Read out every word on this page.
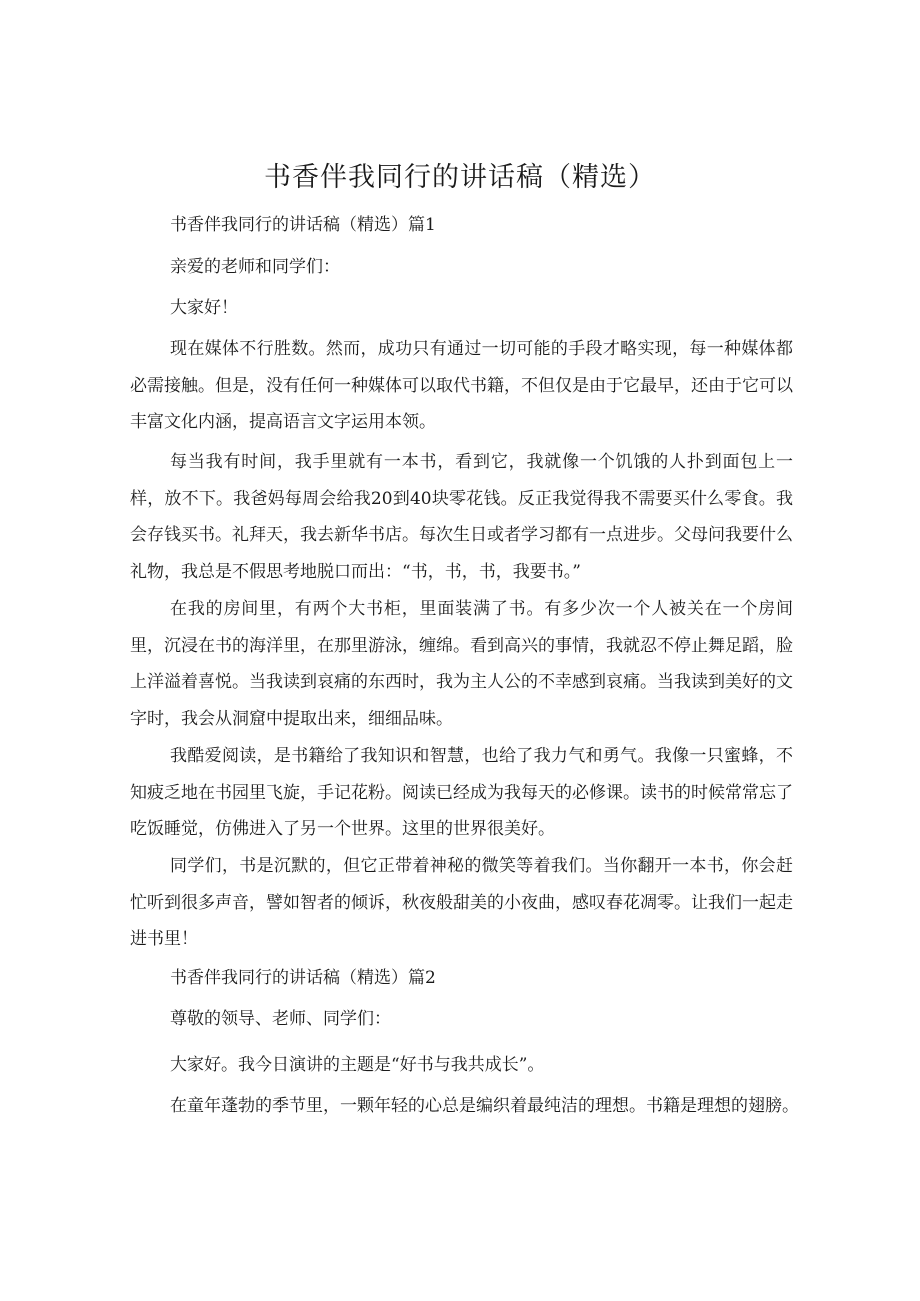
书香伴我同行的讲话稿（精选）
书香伴我同行的讲话稿（精选）篇1
亲爱的老师和同学们：
大家好！

现在媒体不行胜数。然而，成功只有通过一切可能的手段才略实现，每一种媒体都必需接触。但是，没有任何一种媒体可以取代书籍，不但仅是由于它最早，还由于它可以丰富文化内涵，提高语言文字运用本领。

每当我有时间，我手里就有一本书，看到它，我就像一个饥饿的人扑到面包上一样，放不下。我爸妈每周会给我20到40块零花钱。反正我觉得我不需要买什么零食。我会存钱买书。礼拜天，我去新华书店。每次生日或者学习都有一点进步。父母问我要什么礼物，我总是不假思考地脱口而出：“书，书，书，我要书。”

在我的房间里，有两个大书柜，里面装满了书。有多少次一个人被关在一个房间里，沉浸在书的海洋里，在那里游泳，缠绵。看到高兴的事情，我就忍不停止舞足蹈，脸上洋溢着喜悦。当我读到哀痛的东西时，我为主人公的不幸感到哀痛。当我读到美好的文字时，我会从洞窟中提取出来，细细品味。

我酷爱阅读，是书籍给了我知识和智慧，也给了我力气和勇气。我像一只蜜蜂，不知疲乏地在书园里飞旋，手记花粉。阅读已经成为我每天的必修课。读书的时候常常忘了吃饭睡觉，仿佛进入了另一个世界。这里的世界很美好。

同学们，书是沉默的，但它正带着神秘的微笑等着我们。当你翻开一本书，你会赶忙听到很多声音，譬如智者的倾诉，秋夜般甜美的小夜曲，感叹春花凋零。让我们一起走进书里！

书香伴我同行的讲话稿（精选）篇2
尊敬的领导、老师、同学们：
大家好。我今日演讲的主题是“好书与我共成长”。
在童年蓬勃的季节里，一颗年轻的心总是编织着最纯洁的理想。书籍是理想的翅膀。
